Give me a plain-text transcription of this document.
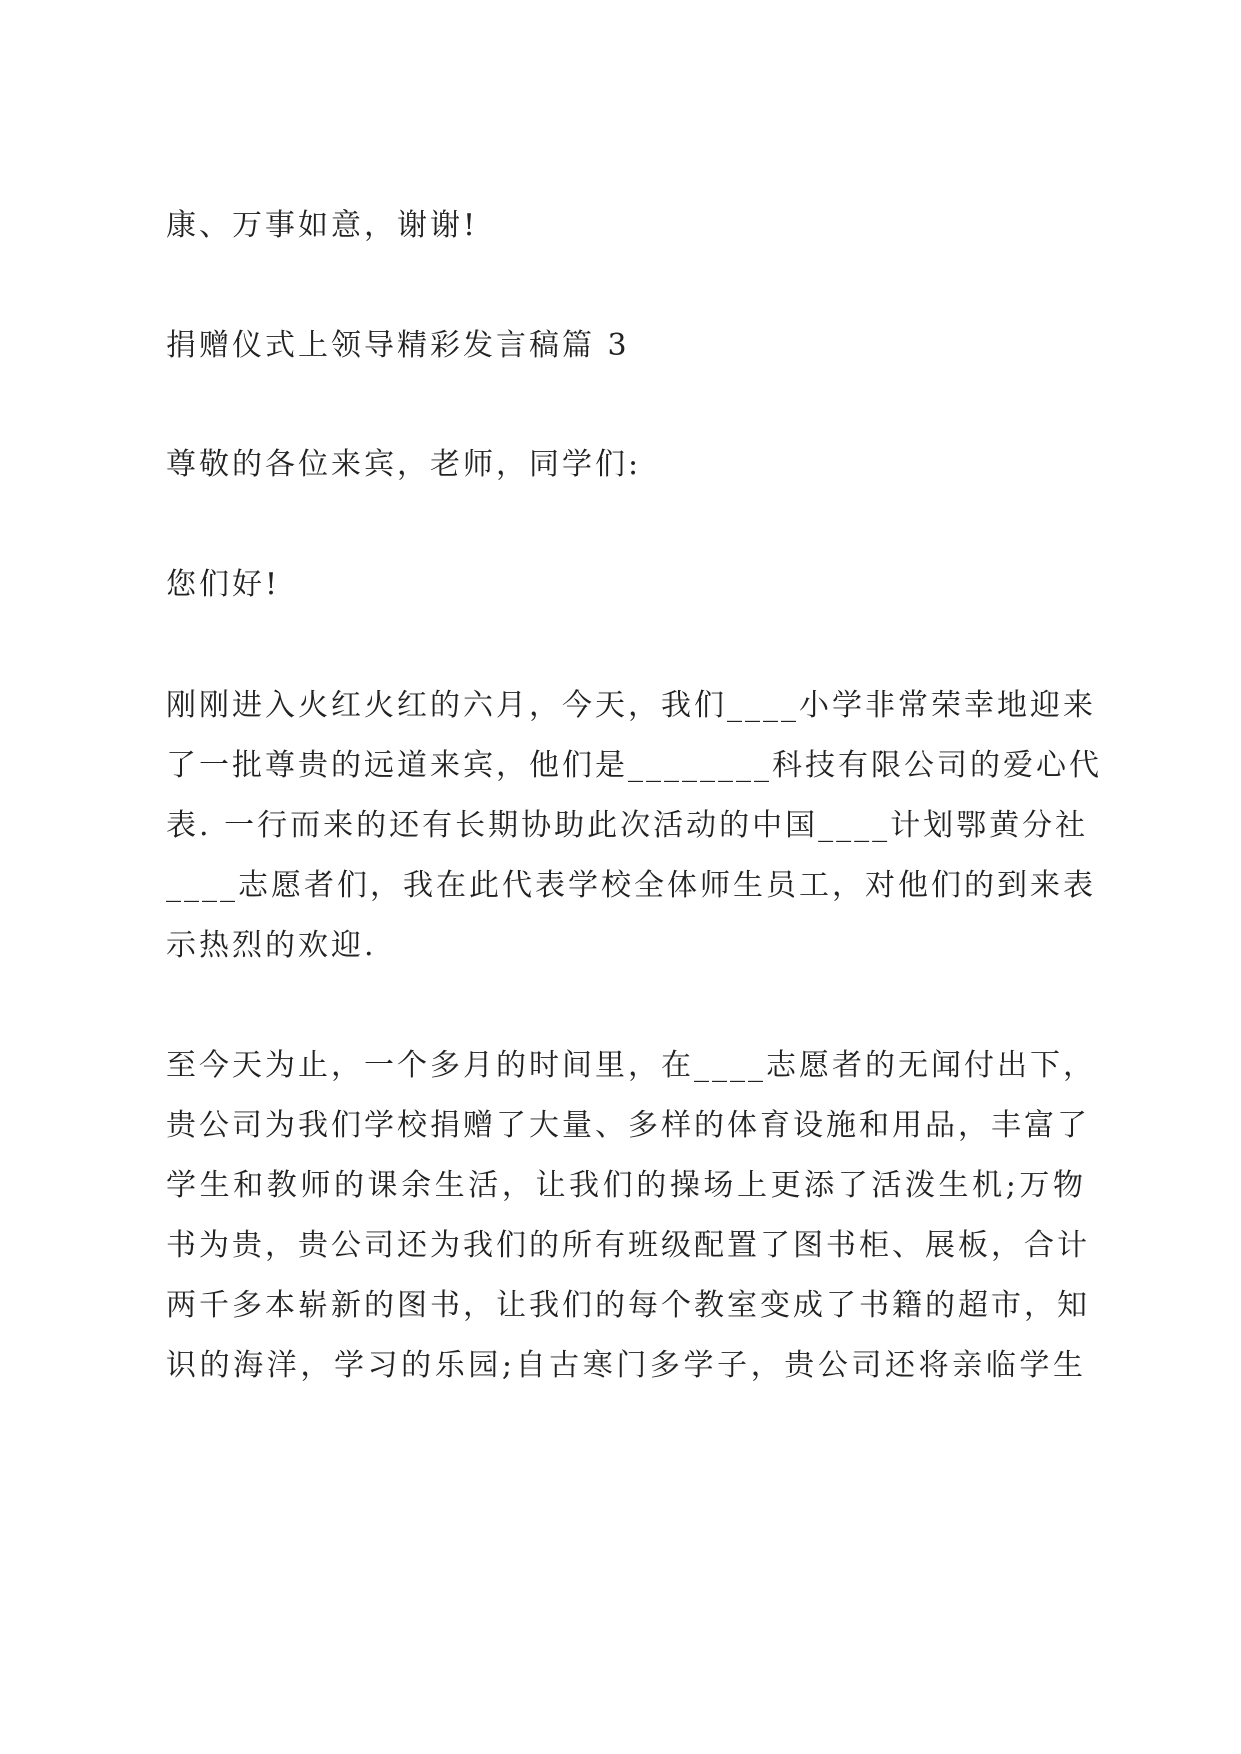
康、万事如意，谢谢!
捐赠仪式上领导精彩发言稿篇 3
尊敬的各位来宾，老师，同学们:
您们好!
刚刚进入火红火红的六月，今天，我们____小学非常荣幸地迎来
了一批尊贵的远道来宾，他们是________科技有限公司的爱心代
表. 一行而来的还有长期协助此次活动的中国____计划鄂黄分社
____志愿者们，我在此代表学校全体师生员工，对他们的到来表
示热烈的欢迎.
至今天为止，一个多月的时间里，在____志愿者的无闻付出下，
贵公司为我们学校捐赠了大量、多样的体育设施和用品，丰富了
学生和教师的课余生活，让我们的操场上更添了活泼生机;万物
书为贵，贵公司还为我们的所有班级配置了图书柜、展板，合计
两千多本崭新的图书，让我们的每个教室变成了书籍的超市，知
识的海洋，学习的乐园;自古寒门多学子，贵公司还将亲临学生
